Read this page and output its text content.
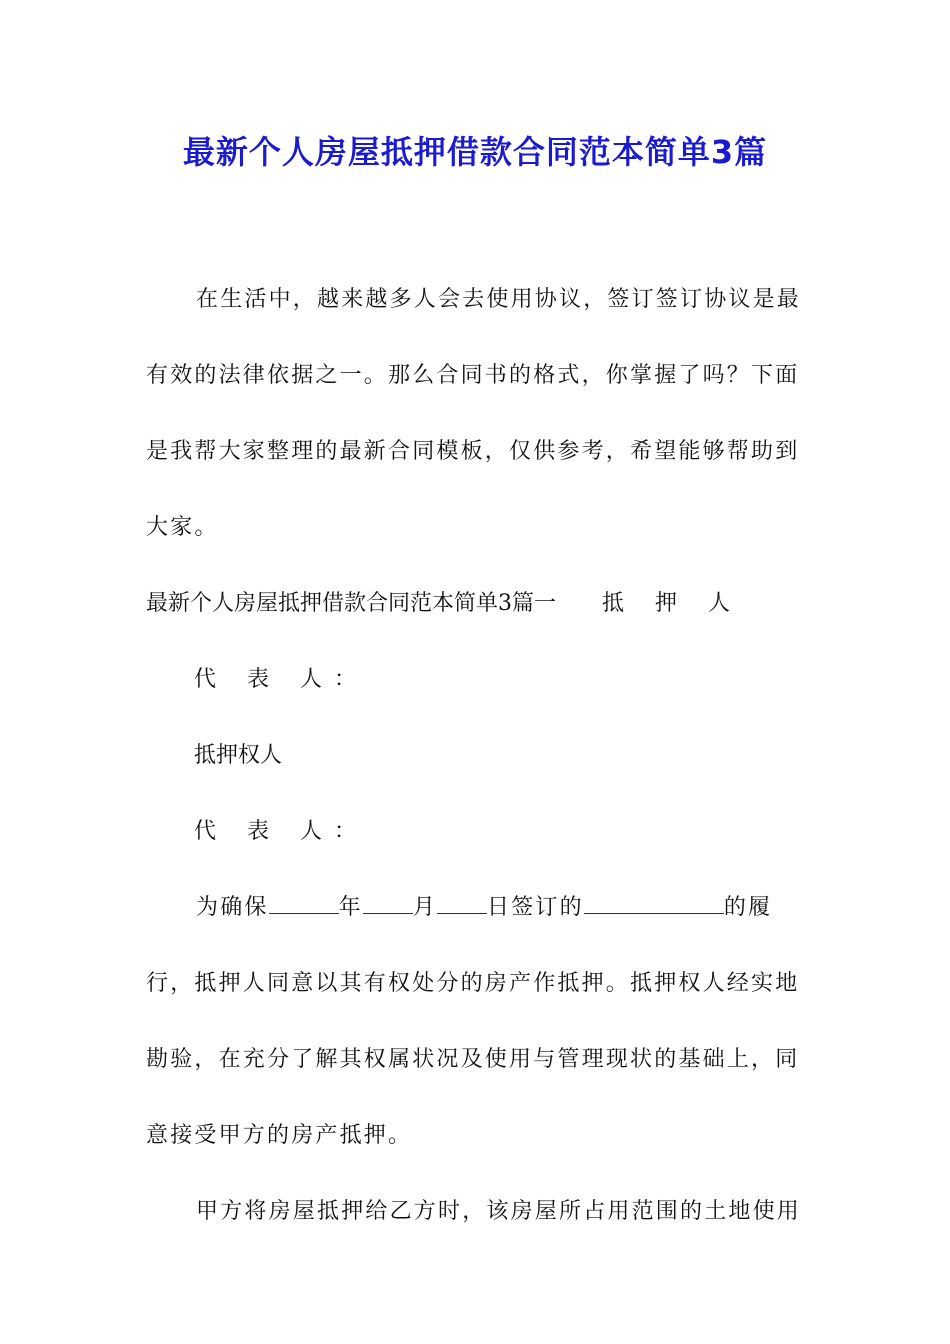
最新个人房屋抵押借款合同范本简单3篇

在生活中，越来越多人会去使用协议，签订签订协议是最有效的法律依据之一。那么合同书的格式，你掌握了吗？下面是我帮大家整理的最新合同模板，仅供参考，希望能够帮助到大家。

最新个人房屋抵押借款合同范本简单3篇一 抵 押 人

代 表 人：

抵押权人

代 表 人：

为确保	年 月 日签订的	的履行，抵押人同意以其有权处分的房产作抵押。抵押权人经实地勘验，在充分了解其权属状况及使用与管理现状的基础上，同意接受甲方的房产抵押。

甲方将房屋抵押给乙方时，该房屋所占用范围的土地使用
